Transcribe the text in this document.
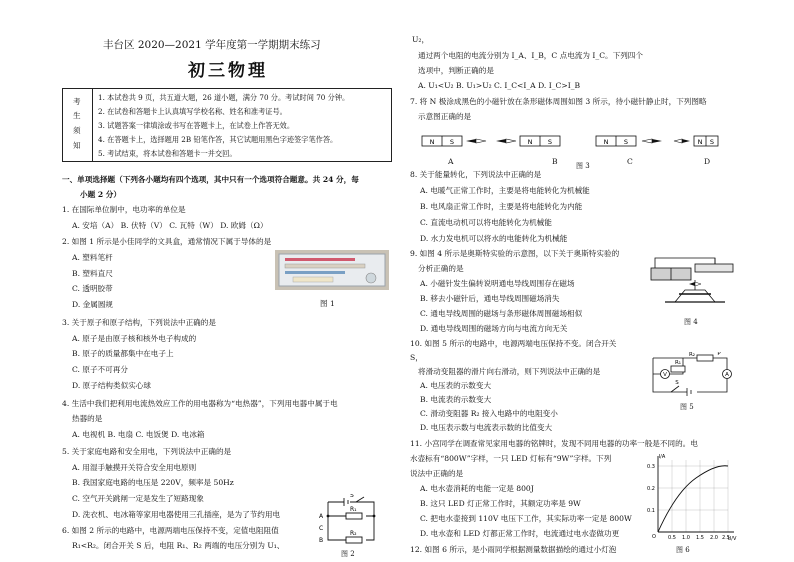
丰台区 2020—2021 学年度第一学期期末练习
初三物理
考
生
须
知
1. 本试卷共 9 页，共五道大题，26 道小题，满分 70 分。考试时间 70 分钟。
2. 在试卷和答题卡上认真填写学校名称、姓名和准考证号。
3. 试题答案一律填涂或书写在答题卡上，在试卷上作答无效。
4. 在答题卡上，选择题用 2B 铅笔作答，其它试题用黑色字迹签字笔作答。
5. 考试结束，将本试卷和答题卡一并交回。
一、单项选择题（下列各小题均有四个选项，其中只有一个选项符合题意。共 24 分，每
小题 2 分）
1. 在国际单位制中，电功率的单位是
A. 安培（A） B. 伏特（V） C. 瓦特（W） D. 欧姆（Ω）
2. 如图 1 所示是小佳同学的文具盒，通常情况下属于导体的是
A. 塑料笔杆
B. 塑料直尺
C. 透明胶带
D. 金属圆规
3. 关于原子和原子结构，下列说法中正确的是
A. 原子是由原子核和核外电子构成的
B. 原子的质量都集中在电子上
C. 原子不可再分
D. 原子结构类似实心球
4. 生活中我们把利用电流热效应工作的用电器称为“电热器”，下列用电器中属于电
热器的是
A. 电视机 B. 电扇 C. 电饭煲 D. 电冰箱
5. 关于家庭电路和安全用电，下列说法中正确的是
A. 用湿手触摸开关符合安全用电原则
B. 我国家庭电路的电压是 220V，频率是 50Hz
C. 空气开关跳闸一定是发生了短路现象
D. 洗衣机、电冰箱等家用电器使用三孔插座，是为了节约用电
6. 如图 2 所示的电路中，电源两端电压保持不变，定值电阻阻值
R₁<R₂。闭合开关 S 后，电阻 R₁、R₂ 两端的电压分别为 U₁、
U₂，
通过两个电阻的电流分别为 I_A、I_B，C 点电流为 I_C。下列四个
选项中，判断正确的是
A. U₁<U₂ B. U₁>U₂ C. I_C<I_A D. I_C>I_B
7. 将 N 极涂成黑色的小磁针放在条形磁体周围如图 3 所示，待小磁针静止时，下列图略
示意图正确的是
8. 关于能量转化，下列说法中正确的是
A. 电暖气正常工作时，主要是将电能转化为机械能
B. 电风扇正常工作时，主要是将电能转化为内能
C. 直流电动机可以将电能转化为机械能
D. 水力发电机可以将水的电能转化为机械能
9. 如图 4 所示是奥斯特实验的示意图，以下关于奥斯特实验的
分析正确的是
A. 小磁针发生偏转说明通电导线周围存在磁场
B. 移去小磁针后，通电导线周围磁场消失
C. 通电导线周围的磁场与条形磁体周围磁场相似
D. 通电导线周围的磁场方向与电流方向无关
10. 如图 5 所示的电路中，电源两端电压保持不变。闭合开关
S，
将滑动变阻器的滑片向右滑动，则下列说法中正确的是
A. 电压表的示数变大
B. 电流表的示数变大
C. 滑动变阻器 R₂ 接入电路中的电阻变小
D. 电压表示数与电流表示数的比值变大
11. 小宫同学在调查常见家用电器的铭牌时，发现不同用电器的功率一般是不同的。电
水壶标有“800W”字样，一只 LED 灯标有“9W”字样。下列
说法中正确的是
A. 电水壶消耗的电能一定是 800J
B. 这只 LED 灯正常工作时，其额定功率是 9W
C. 把电水壶接到 110V 电压下工作，其实际功率一定是 800W
D. 电水壶和 LED 灯都正常工作时，电流通过电水壶做功更
12. 如图 6 所示，是小雨同学根据测量数据描绘的通过小灯泡
图 1
S
R₁
R₂
A
C
B
图 2
N S	N S	N S	N S
A	B	图 3	C	D
图 4
V	A
R₁
R₂	P
S
图 5
I/A
U/V
O
0.3
0.2
0.1
0.5 1.0 1.5 2.0 2.5
图 6
